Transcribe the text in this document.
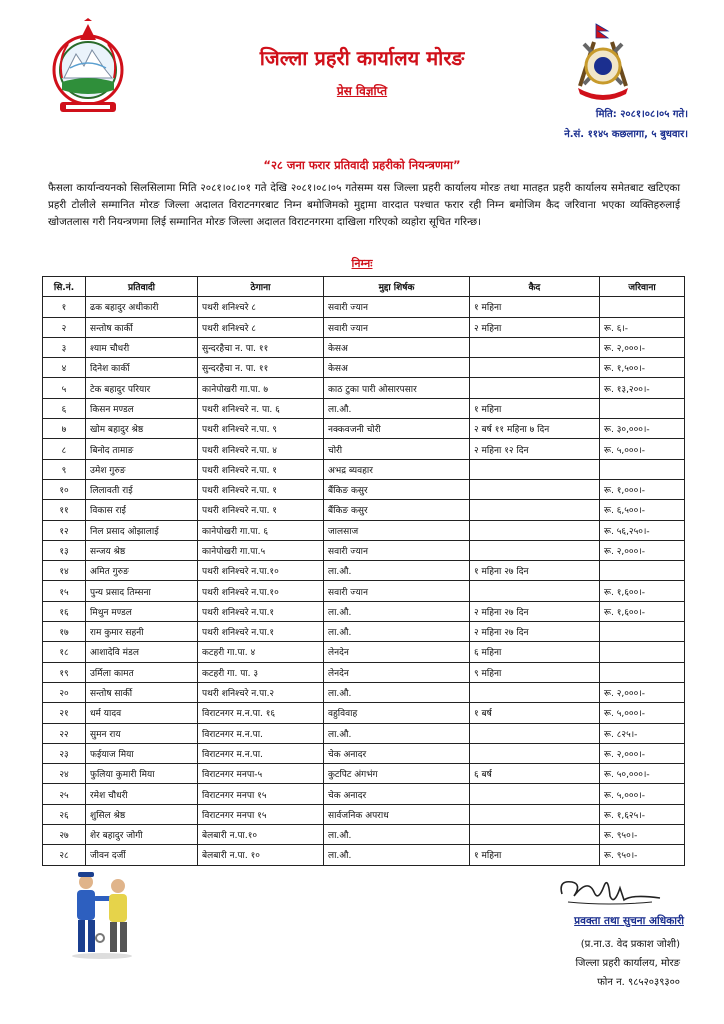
जिल्ला प्रहरी कार्यालय मोरङ
प्रेस विज्ञप्ति
मिति: २०८१।०८।०५ गते।
ने.सं. ११४५ कछलागा, ५ बुधवार।
“२८ जना फरार प्रतिवादी प्रहरीको नियन्त्रणमा”
फैसला कार्यान्वयनको सिलसिलामा मिति २०८१।०८।०१ गते देखि २०८१।०८।०५ गतेसम्म यस जिल्ला प्रहरी कार्यालय मोरङ तथा मातहत प्रहरी कार्यालय समेतबाट खटिएका प्रहरी टोलीले सम्मानित मोरङ जिल्ला अदालत विराटनगरबाट निम्न बमोजिमको मुद्दामा वारदात पश्चात फरार रही निम्न बमोजिम कैद जरिवाना भएका व्यक्तिहरुलाई खोजतलास गरी नियन्त्रणमा लिई सम्मानित मोरङ जिल्ला अदालत विराटनगरमा दाखिला गरिएको व्यहोरा सूचित गरिन्छ।
निम्नः
सि.नं.	प्रतिवादी	ठेगाना	मुद्दा शिर्षक	कैद	जरिवाना
१	ढक बहादुर अधीकारी	पथरी शनिश्चरे ८	सवारी ज्यान	१ महिना	
२	सन्तोष कार्की	पथरी शनिश्चरे ८	सवारी ज्यान	२ महिना	रू. ६।-
३	श्याम चौधरी	सुन्दरहैचा न. पा. ११	केसअ		रू. २,०००।-
४	दिनेश कार्की	सुन्दरहैचा न. पा. ११	केसअ		रू. १,५००।-
५	टेक बहादुर परियार	कानेपोखरी गा.पा. ७	काठ टुका पारी ओसारपसार		रू. १३,२००।-
६	किसन मण्डल	पथरी शनिश्चरे न. पा. ६	ला.औ.	१ महिना	
७	खोम बहादुर श्रेष्ठ	पथरी शनिश्चरे न.पा. ९	नक्कवजनी चोरी	२ बर्ष ११ महिना ७ दिन	रू. ३०,०००।-
८	बिनोद तामाङ	पथरी शनिश्चरे न.पा. ४	चोरी	२ महिना १२ दिन	रू. ५,०००।-
९	उमेश गुरुङ	पथरी शनिश्चरे न.पा. १	अभद्र ब्यवहार		
१०	लिलावती राई	पथरी शनिश्चरे न.पा. १	बैंकिङ कसुर		रू. १,०००।-
११	विकास राई	पथरी शनिश्चरे न.पा. १	बैंकिङ कसुर		रू. ६,५००।-
१२	निल प्रसाद ओझालाई	कानेपोखरी गा.पा. ६	जालसाज		रू. ५६,२५०।-
१३	सन्जय श्रेष्ठ	कानेपोखरी गा.पा.५	सवारी ज्यान		रू. २,०००।-
१४	अमित गुरुङ	पथरी शनिश्चरे न.पा.१०	ला.औ.	१ महिना २७ दिन	
१५	पुन्य प्रसाद तिम्सना	पथरी शनिश्चरे न.पा.१०	सवारी ज्यान		रू. १,६००।-
१६	मिथुन मण्डल	पथरी शनिश्चरे न.पा.१	ला.औ.	२ महिना २७ दिन	रू. १,६००।-
१७	राम कुमार सहनी	पथरी शनिश्चरे न.पा.१	ला.औ.	२ महिना २७ दिन	
१८	आशादेवि मंडल	कटहरी गा.पा. ४	लेनदेन	६ महिना	
१९	उर्मिला कामत	कटहरी गा. पा. ३	लेनदेन	९ महिना	
२०	सन्तोष सार्की	पथरी शनिश्चरे न.पा.२	ला.औ.		रू. २,०००।-
२१	धर्म यादव	विराटनगर म.न.पा. १६	वहुविवाह	१ बर्ष	रू. ५,०००।-
२२	सुमन राय	विराटनगर म.न.पा.	ला.औ.		रू. ८२५।-
२३	फईयाज मिया	विराटनगर म.न.पा.	चेक अनादर		रू. २,०००।-
२४	फुलिया कुमारी मिया	विराटनगर मनपा-५	कुटपिट अंगभंग	६ बर्ष	रू. ५०,०००।-
२५	रमेश चौधरी	विराटनगर मनपा १५	चेक अनादर		रू. ५,०००।-
२६	शुसिल श्रेष्ठ	विराटनगर मनपा १५	सार्वजनिक अपराध		रू. १,६२५।-
२७	शेर बहादुर जोगी	बेलबारी न.पा.१०	ला.औ.		रू. ९५०।-
२८	जीवन दर्जी	बेलबारी न.पा. १०	ला.औ.	१ महिना	रू. ९५०।-
प्रवक्ता तथा सुचना अधिकारी
(प्र.ना.उ. वेद प्रकाश जोशी)
जिल्ला प्रहरी कार्यालय, मोरङ
फोन न. ९८५२०३९३००
